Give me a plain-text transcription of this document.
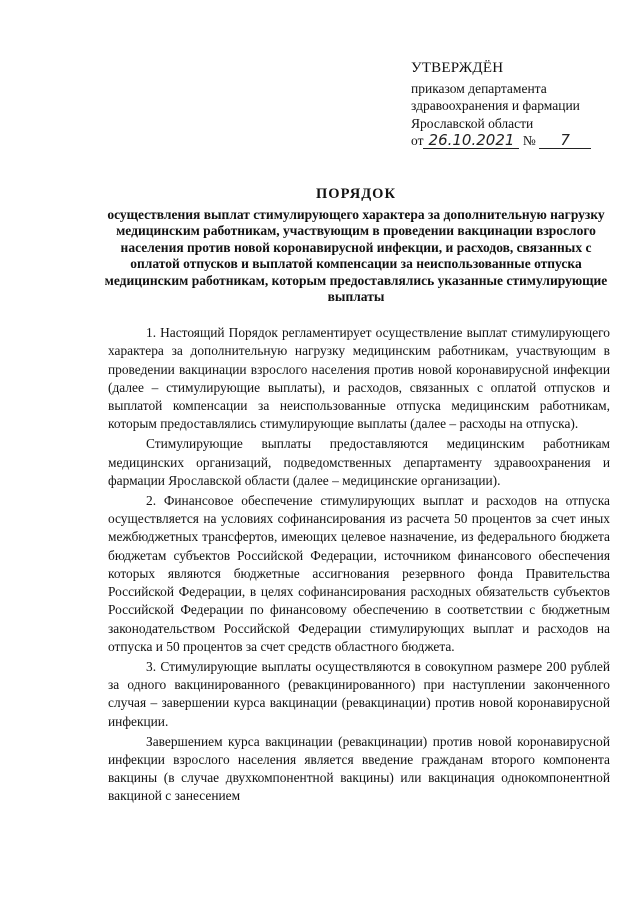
УТВЕРЖДЁН
приказом департамента
здравоохранения и фармации
Ярославской области
от 26.10.2021 № 7
ПОРЯДОК
осуществления выплат стимулирующего характера за дополнительную нагрузку медицинским работникам, участвующим в проведении вакцинации взрослого населения против новой коронавирусной инфекции, и расходов, связанных с оплатой отпусков и выплатой компенсации за неиспользованные отпуска медицинским работникам, которым предоставлялись указанные стимулирующие выплаты

1. Настоящий Порядок регламентирует осуществление выплат стимулирующего характера за дополнительную нагрузку медицинским работникам, участвующим в проведении вакцинации взрослого населения против новой коронавирусной инфекции (далее – стимулирующие выплаты), и расходов, связанных с оплатой отпусков и выплатой компенсации за неиспользованные отпуска медицинским работникам, которым предоставлялись стимулирующие выплаты (далее – расходы на отпуска).

Стимулирующие выплаты предоставляются медицинским работникам медицинских организаций, подведомственных департаменту здравоохранения и фармации Ярославской области (далее – медицинские организации).

2. Финансовое обеспечение стимулирующих выплат и расходов на отпуска осуществляется на условиях софинансирования из расчета 50 процентов за счет иных межбюджетных трансфертов, имеющих целевое назначение, из федерального бюджета бюджетам субъектов Российской Федерации, источником финансового обеспечения которых являются бюджетные ассигнования резервного фонда Правительства Российской Федерации, в целях софинансирования расходных обязательств субъектов Российской Федерации по финансовому обеспечению в соответствии с бюджетным законодательством Российской Федерации стимулирующих выплат и расходов на отпуска и 50 процентов за счет средств областного бюджета.

3. Стимулирующие выплаты осуществляются в совокупном размере 200 рублей за одного вакцинированного (ревакцинированного) при наступлении законченного случая – завершении курса вакцинации (ревакцинации) против новой коронавирусной инфекции.

Завершением курса вакцинации (ревакцинации) против новой коронавирусной инфекции взрослого населения является введение гражданам второго компонента вакцины (в случае двухкомпонентной вакцины) или вакцинация однокомпонентной вакциной с занесением
